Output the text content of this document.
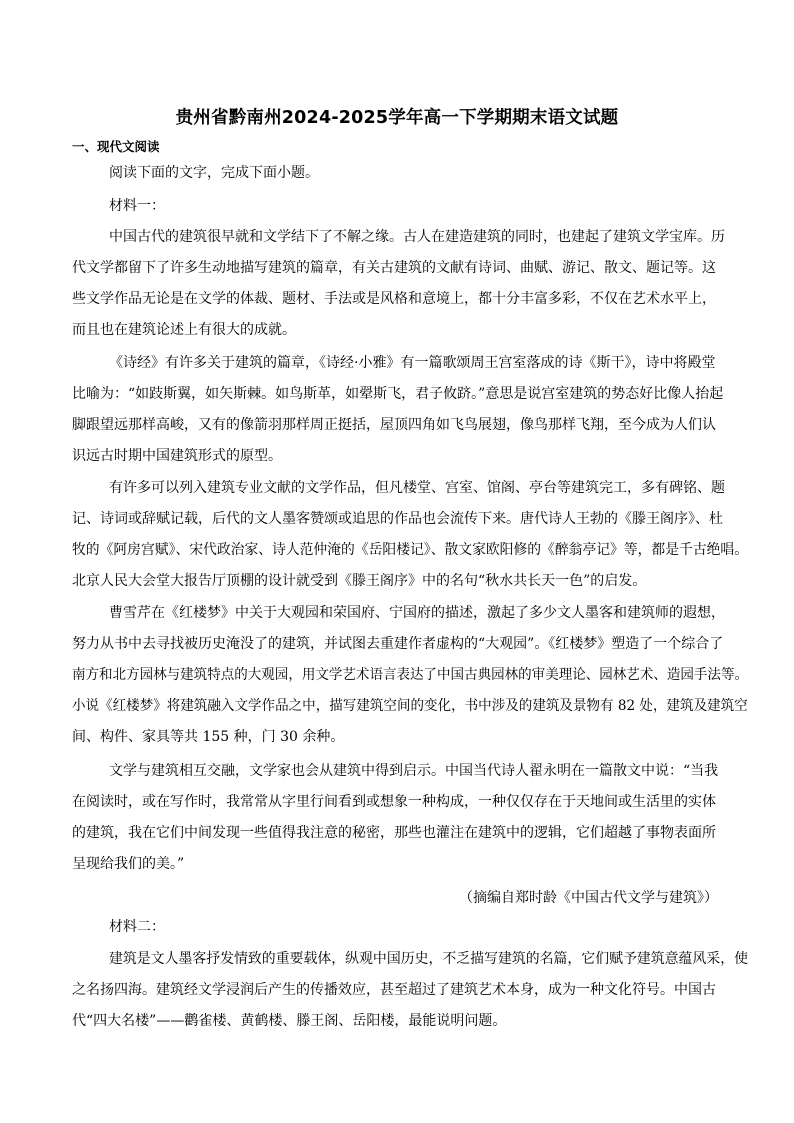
贵州省黔南州2024-2025学年高一下学期期末语文试题
一、现代文阅读
阅读下面的文字，完成下面小题。
材料一：
中国古代的建筑很早就和文学结下了不解之缘。古人在建造建筑的同时，也建起了建筑文学宝库。历
代文学都留下了许多生动地描写建筑的篇章，有关古建筑的文献有诗词、曲赋、游记、散文、题记等。这
些文学作品无论是在文学的体裁、题材、手法或是风格和意境上，都十分丰富多彩，不仅在艺术水平上，
而且也在建筑论述上有很大的成就。
《诗经》有许多关于建筑的篇章，《诗经·小雅》有一篇歌颂周王宫室落成的诗《斯干》，诗中将殿堂
比喻为：“如跂斯翼，如矢斯棘。如鸟斯革，如翚斯飞，君子攸跻。”意思是说宫室建筑的势态好比像人抬起
脚跟望远那样高峻，又有的像箭羽那样周正挺括，屋顶四角如飞鸟展翅，像鸟那样飞翔，至今成为人们认
识远古时期中国建筑形式的原型。
有许多可以列入建筑专业文献的文学作品，但凡楼堂、宫室、馆阁、亭台等建筑完工，多有碑铭、题
记、诗词或辞赋记载，后代的文人墨客赞颂或追思的作品也会流传下来。唐代诗人王勃的《滕王阁序》、杜
牧的《阿房宫赋》、宋代政治家、诗人范仲淹的《岳阳楼记》、散文家欧阳修的《醉翁亭记》等，都是千古绝唱。
北京人民大会堂大报告厅顶棚的设计就受到《滕王阁序》中的名句“秋水共长天一色”的启发。
曹雪芹在《红楼梦》中关于大观园和荣国府、宁国府的描述，激起了多少文人墨客和建筑师的遐想，
努力从书中去寻找被历史淹没了的建筑，并试图去重建作者虚构的“大观园”。《红楼梦》塑造了一个综合了
南方和北方园林与建筑特点的大观园，用文学艺术语言表达了中国古典园林的审美理论、园林艺术、造园手法等。
小说《红楼梦》将建筑融入文学作品之中，描写建筑空间的变化，书中涉及的建筑及景物有 82 处，建筑及建筑空
间、构件、家具等共 155 种，门 30 余种。
文学与建筑相互交融，文学家也会从建筑中得到启示。中国当代诗人翟永明在一篇散文中说：“当我
在阅读时，或在写作时，我常常从字里行间看到或想象一种构成，一种仅仅存在于天地间或生活里的实体
的建筑，我在它们中间发现一些值得我注意的秘密，那些也灌注在建筑中的逻辑，它们超越了事物表面所
呈现给我们的美。”
（摘编自郑时龄《中国古代文学与建筑》）
材料二：
建筑是文人墨客抒发情致的重要载体，纵观中国历史，不乏描写建筑的名篇，它们赋予建筑意蕴风采，使
之名扬四海。建筑经文学浸润后产生的传播效应，甚至超过了建筑艺术本身，成为一种文化符号。中国古
代“四大名楼”——鹳雀楼、黄鹤楼、滕王阁、岳阳楼，最能说明问题。
